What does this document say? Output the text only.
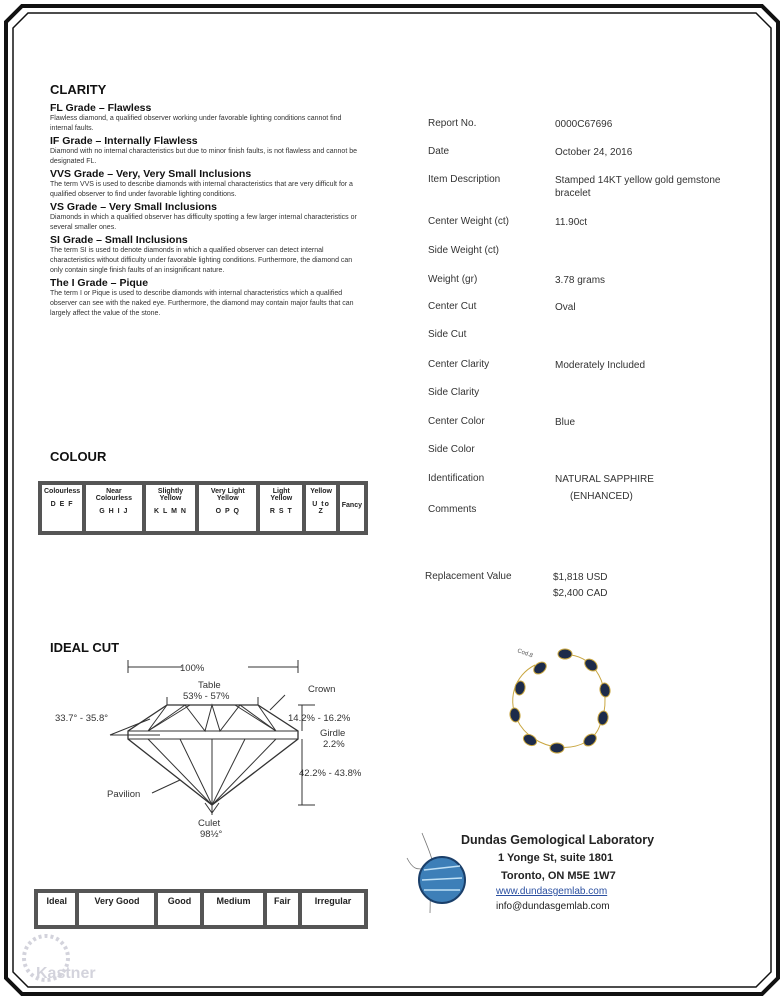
CLARITY
FL Grade – Flawless
Flawless diamond, a qualified observer working under favorable lighting conditions cannot find internal faults.
IF Grade – Internally Flawless
Diamond with no internal characteristics but due to minor finish faults, is not flawless and cannot be designated FL.
VVS Grade – Very, Very Small Inclusions
The term VVS is used to describe diamonds with internal characteristics that are very difficult for a qualified observer to find under favorable lighting conditions.
VS Grade – Very Small Inclusions
Diamonds in which a qualified observer has difficulty spotting a few larger internal characteristics or several smaller ones.
SI Grade – Small Inclusions
The term SI is used to denote diamonds in which a qualified observer can detect internal characteristics without difficulty under favorable lighting conditions. Furthermore, the diamond can only contain single finish faults of an insignificant nature.
The I Grade – Pique
The term I or Pique is used to describe diamonds with internal characteristics which a qualified observer can see with the naked eye. Furthermore, the diamond may contain major faults that can largely affect the value of the stone.
COLOUR
Colourless
D E F
	Near Colourless
G H I J
	Slightly Yellow
K L M N
	Very Light Yellow
O P Q
	Light Yellow
R S T
	Yellow
U to Z
	Fancy
IDEAL CUT
100%
Table
53% - 57%
Crown
33.7° - 35.8°	14.2% - 16.2%
Girdle
2.2%
42.2% - 43.8%
Pavilion
Culet
98½°
Ideal	Very Good	Good	Medium	Fair	Irregular
Kastner
Report No.	0000C67696
Date	October 24, 2016
Item Description	Stamped 14KT yellow gold gemstone bracelet
Center Weight (ct)	11.90ct
Side Weight (ct)
Weight (gr)	3.78 grams
Center Cut	Oval
Side Cut
Center Clarity	Moderately Included
Side Clarity
Center Color	Blue
Side Color
Identification	NATURAL SAPPHIRE
Comments
(ENHANCED)
Replacement Value	$1,818 USD
$2,400 CAD
Cod.8
Dundas Gemological Laboratory
1 Yonge St, suite 1801
Toronto, ON M5E 1W7
www.dundasgemlab.com
info@dundasgemlab.com
